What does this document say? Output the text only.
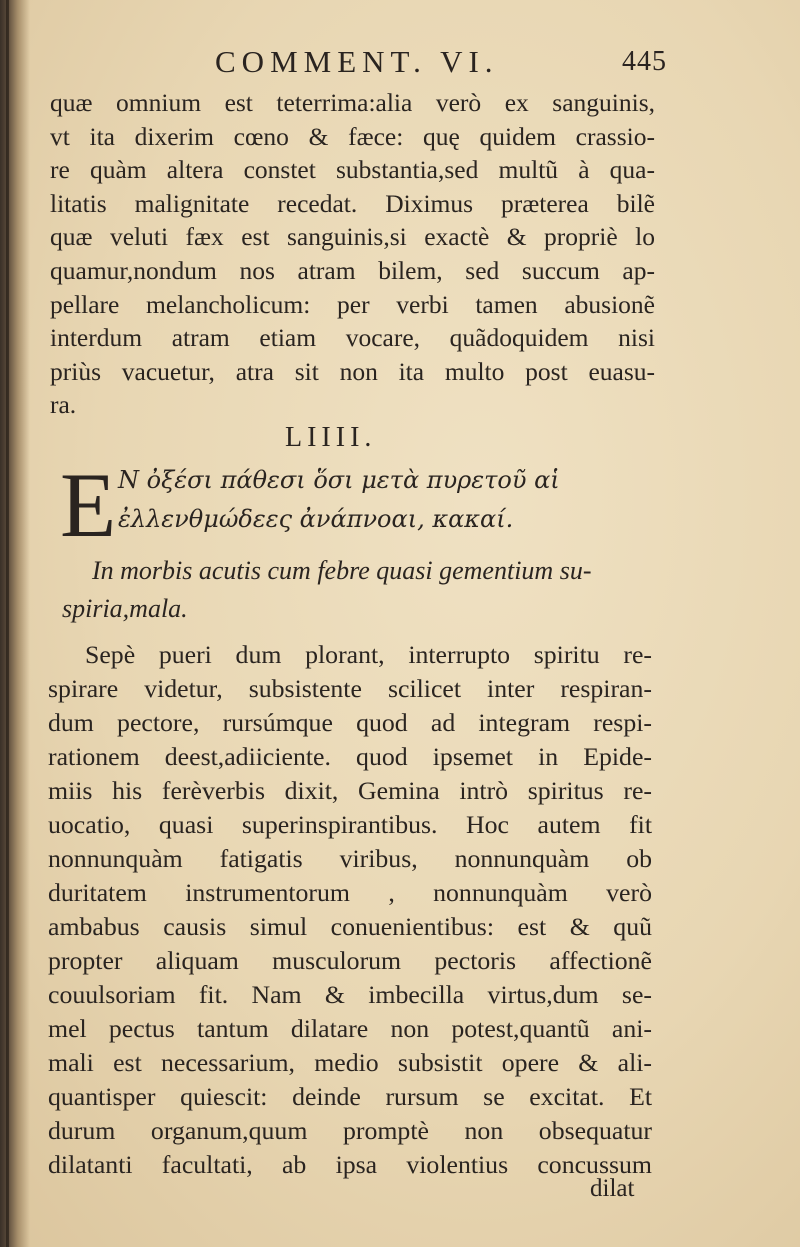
COMMENT. VI.	445
quæ omnium est teterrima:alia verò ex sanguinis,
vt ita dixerim cœno & fæce: quę quidem crassio-
re quàm altera constet substantia,sed multũ à qua-
litatis malignitate recedat. Diximus prætereа bilẽ
quæ veluti fæx est sanguinis,si exactè & propriè lo
quamur,nondum nos atram bilem, sed succum ap-
pellare melancholicum: per verbi tamen abusionẽ
interdum atram etiam vocare, quãdoquidem nisi
priùs vacuetur, atra sit non ita multo post euasu-
ra.
LIIII.
E N ὀξέσι πάθεσι ὅσι μετὰ πυρετοῦ αἱ
ἐλλενθμώδεες ἀνάπνοαι, κακαί.
In morbis acutis cum febre quasi gementium su-
spiria,mala.
Sepè pueri dum plorant, interrupto spiritu re-
spirare videtur, subsistente scilicet inter respiran-
dum pectore, rursúmque quod ad integram respi-
rationem deest,adiiciente. quod ipsemet in Epide-
miis his ferèverbis dixit, Gemina intrò spiritus re-
uocatio, quasi superinspirantibus. Hoc autem fit
nonnunquàm fatigatis viribus, nonnunquàm ob
duritatem instrumentorum , nonnunquàm verò
ambabus causis simul conuenientibus: est & quũ
propter aliquam musculorum pectoris affectionẽ
couulsoriam fit. Nam & imbecilla virtus,dum se-
mel pectus tantum dilatare non potest,quantũ ani-
mali est necessarium, medio subsistit opere & ali-
quantisper quiescit: deinde rursum se excitat. Et
durum organum,quum promptè non obsequatur
dilatanti facultati, ab ipsa violentius concussum
dilat
